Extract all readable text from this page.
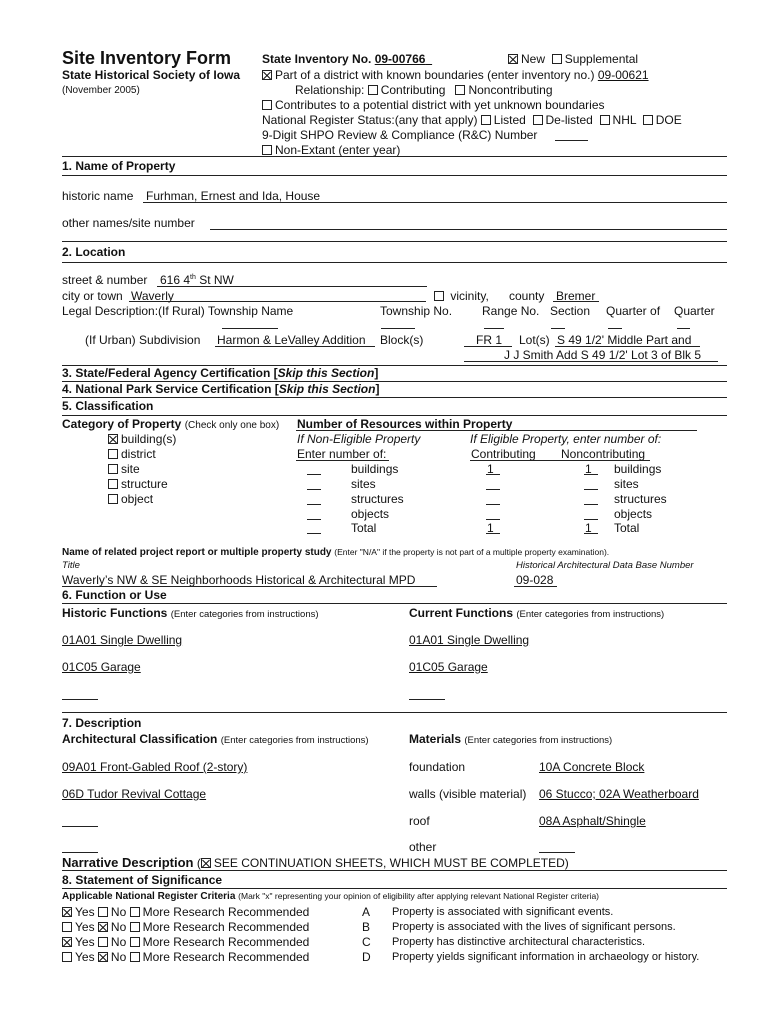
Site Inventory Form
State Historical Society of Iowa
(November 2005)
State Inventory No. 09-00766	New Supplemental
Part of a district with known boundaries (enter inventory no.) 09-00621
Relationship: Contributing Noncontributing
Contributes to a potential district with yet unknown boundaries
National Register Status:(any that apply) Listed De-listed NHL DOE
9-Digit SHPO Review & Compliance (R&C) Number
Non-Extant (enter year)
1. Name of Property
historic name Furhman, Ernest and Ida, House
other names/site number
2. Location
street & number 616 4th St NW
city or town Waverly	vicinity, county Bremer
Legal Description:(If Rural) Township Name	Township No. Range No. Section Quarter of Quarter
(If Urban) Subdivision Harmon & LeValley Addition Block(s)	FR 1 Lot(s) S 49 1/2' Middle Part and
J J Smith Add S 49 1/2' Lot 3 of Blk 5
3. State/Federal Agency Certification [Skip this Section]
4. National Park Service Certification [Skip this Section]
5. Classification
Category of Property (Check only one box) Number of Resources within Property
If Non-Eligible Property	If Eligible Property, enter number of:
Enter number of:	Contributing Noncontributing
building(s)
district
site
structure
object
buildings	1	1 buildings
sites	sites
structures	structures
objects	objects
Total	1	1 Total
Name of related project report or multiple property study (Enter "N/A" if the property is not part of a multiple property examination).
Title	Historical Architectural Data Base Number
Waverly’s NW & SE Neighborhoods Historical & Architectural MPD	09-028
6. Function or Use
Historic Functions (Enter categories from instructions)	Current Functions (Enter categories from instructions)
01A01 Single Dwelling	01A01 Single Dwelling
01C05 Garage	01C05 Garage
7. Description
Architectural Classification (Enter categories from instructions)	Materials (Enter categories from instructions)
09A01 Front-Gabled Roof (2-story)	foundation	10A Concrete Block
06D Tudor Revival Cottage	walls (visible material) 06 Stucco; 02A Weatherboard
roof	08A Asphalt/Shingle
other
Narrative Description ( SEE CONTINUATION SHEETS, WHICH MUST BE COMPLETED)
8. Statement of Significance
Applicable National Register Criteria (Mark "x" representing your opinion of eligibility after applying relevant National Register criteria)
Yes No More Research Recommended	A Property is associated with significant events.
Yes No More Research Recommended	B Property is associated with the lives of significant persons.
Yes No More Research Recommended	C Property has distinctive architectural characteristics.
Yes No More Research Recommended	D Property yields significant information in archaeology or history.
